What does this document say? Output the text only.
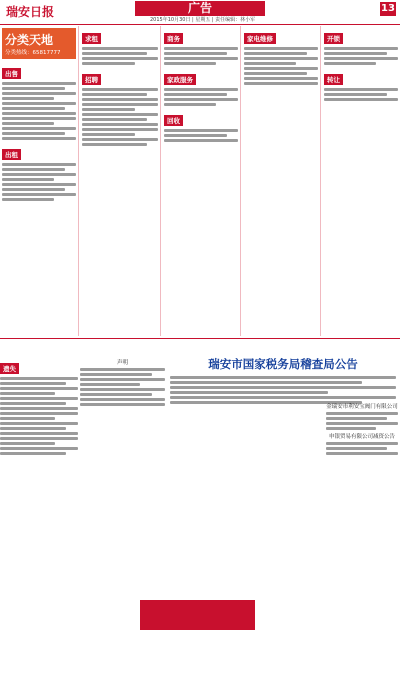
瑞安日报	广告
2015年10月30日 | 星期五 | 责任编辑：林小军
13
分类天地
分类热线：65817777
出售
出租
求租
招聘
商务
家政服务
回收
家电维修	开锁
转让
遗失
声明	瑞安市国家税务局稽查局公告
金瑞安市利安宝阀门有限公司
申银贸易有限公司减资公告
